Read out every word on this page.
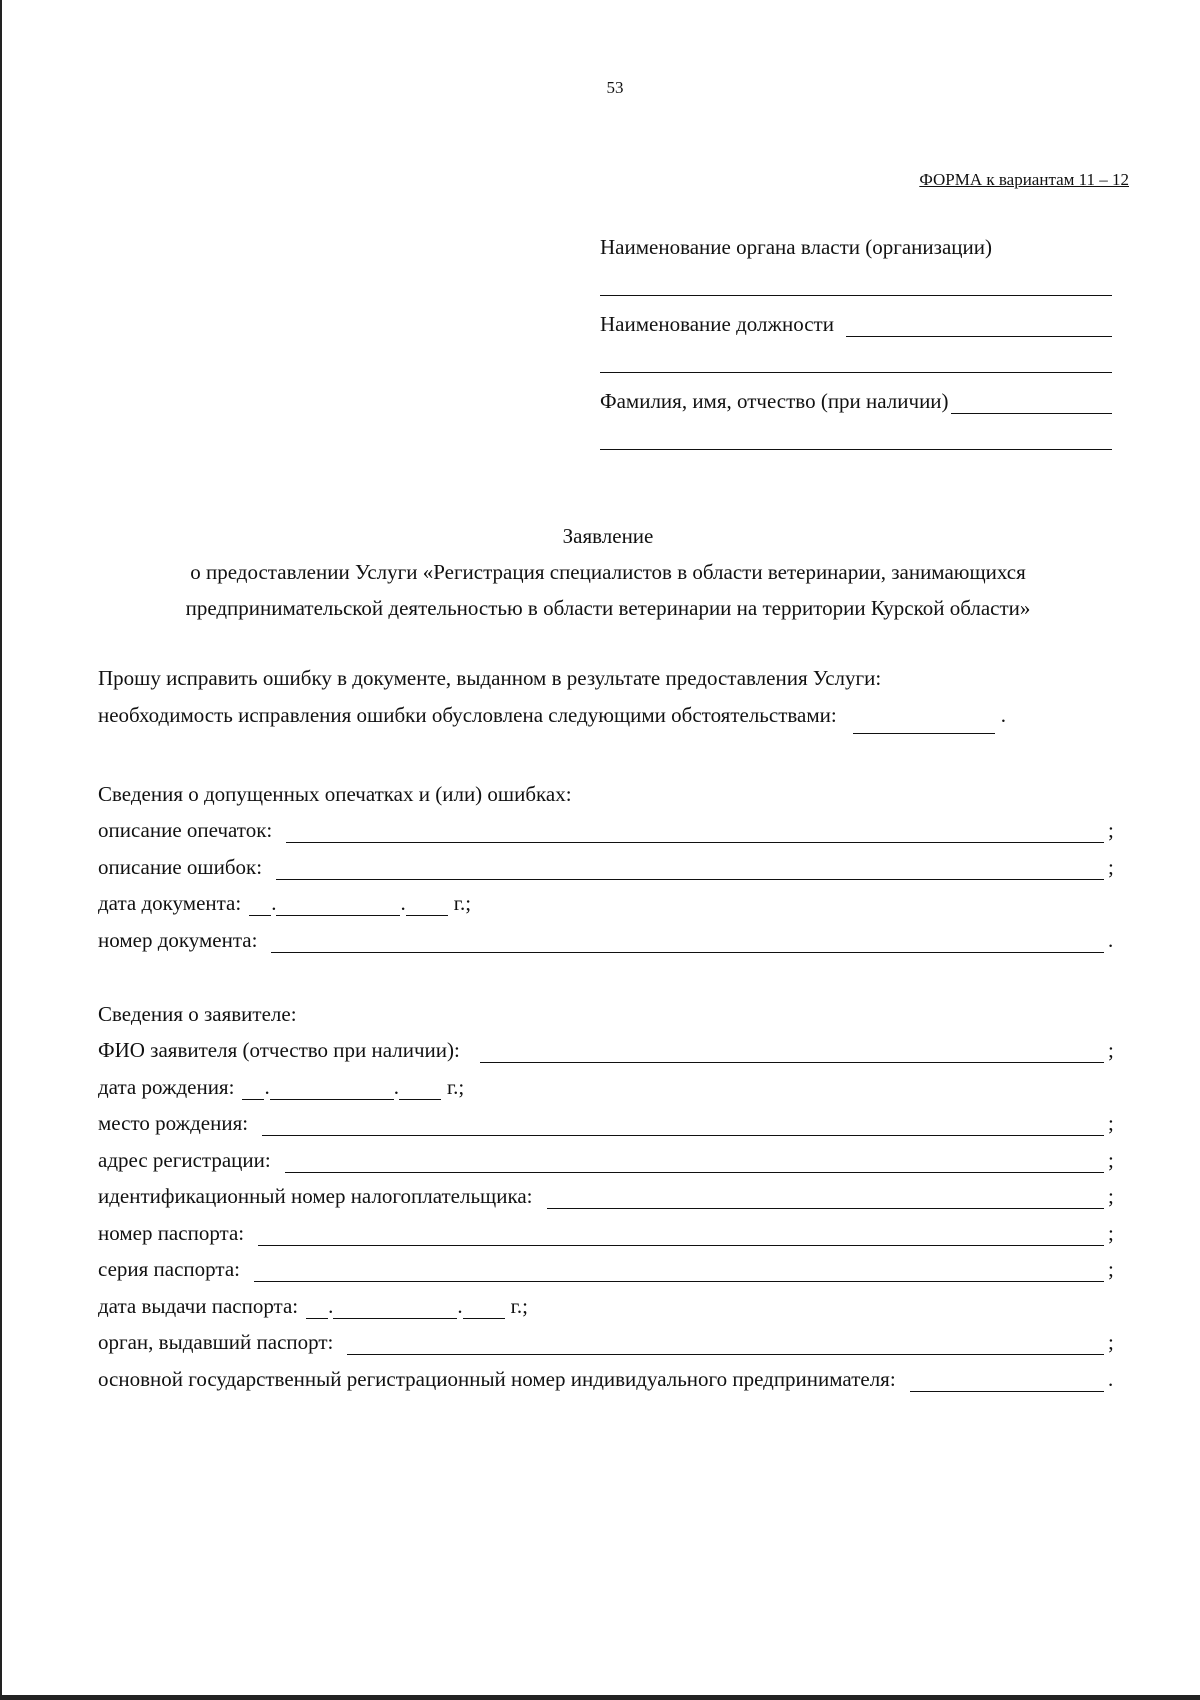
53
ФОРМА к вариантам 11 – 12
Наименование органа власти (организации)
Наименование должности
Фамилия, имя, отчество (при наличии)
Заявление
о предоставлении Услуги «Регистрация специалистов в области ветеринарии, занимающихся
предпринимательской деятельностью в области ветеринарии на территории Курской области»
Прошу исправить ошибку в документе, выданном в результате предоставления Услуги:
необходимость исправления ошибки обусловлена следующими обстоятельствами:	.
Сведения о допущенных опечатках и (или) ошибках:
описание опечаток:	;
описание ошибок:	;
дата документа: .	. г.;
номер документа:	.
Сведения о заявителе:
ФИО заявителя (отчество при наличии):	;
дата рождения: .	. г.;
место рождения:	;
адрес регистрации:	;
идентификационный номер налогоплательщика:	;
номер паспорта:	;
серия паспорта:	;
дата выдачи паспорта: .	. г.;
орган, выдавший паспорт:	;
основной государственный регистрационный номер индивидуального предпринимателя:	.
